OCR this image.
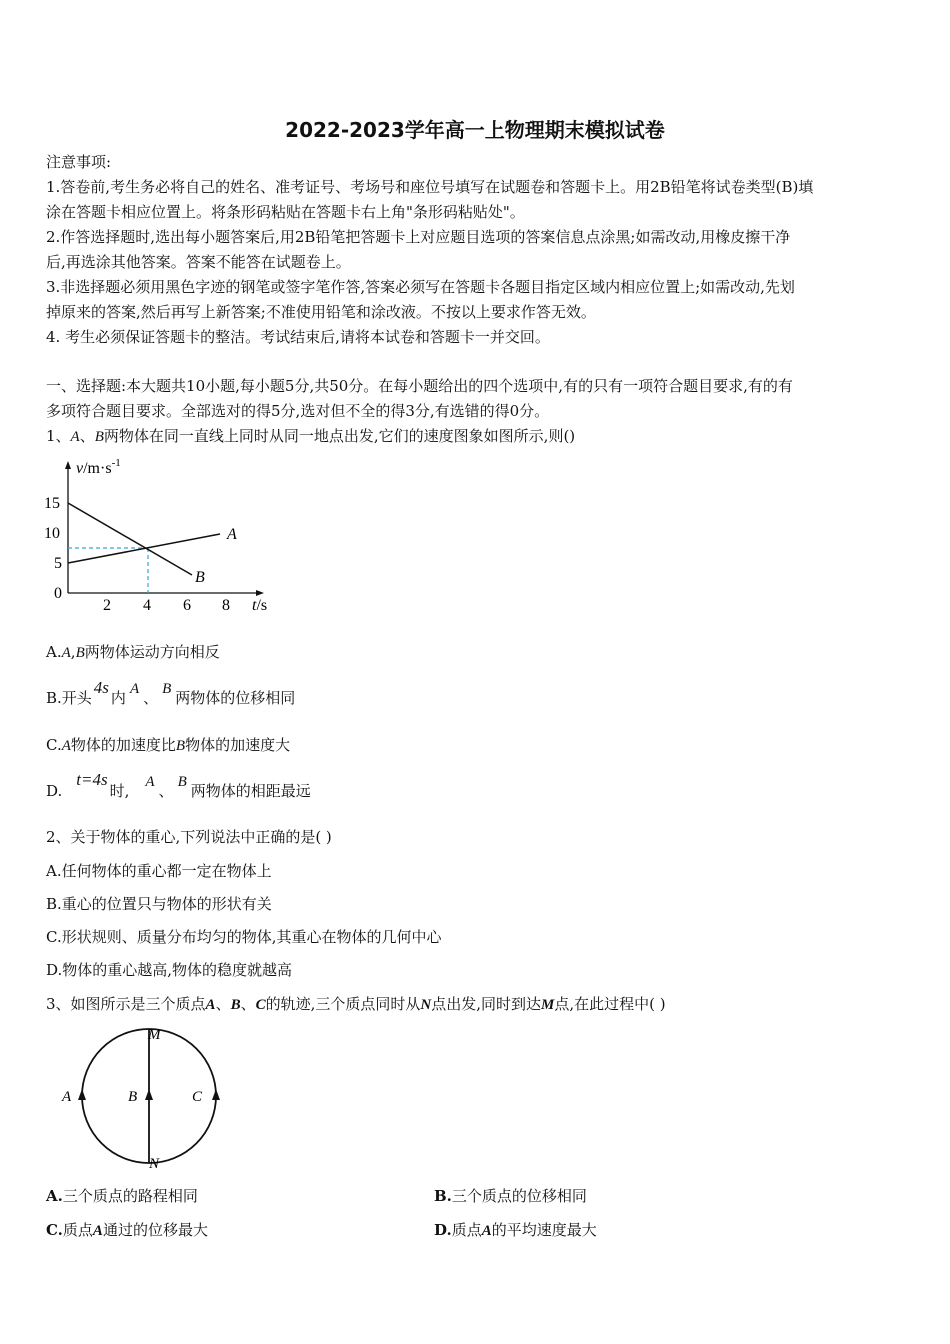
2022-2023学年高一上物理期末模拟试卷
注意事项:
1.答卷前,考生务必将自己的姓名、准考证号、考场号和座位号填写在试题卷和答题卡上。用2B铅笔将试卷类型(B)填
涂在答题卡相应位置上。将条形码粘贴在答题卡右上角"条形码粘贴处"。
2.作答选择题时,选出每小题答案后,用2B铅笔把答题卡上对应题目选项的答案信息点涂黑;如需改动,用橡皮擦干净
后,再选涂其他答案。答案不能答在试题卷上。
3.非选择题必须用黑色字迹的钢笔或签字笔作答,答案必须写在答题卡各题目指定区域内相应位置上;如需改动,先划
掉原来的答案,然后再写上新答案;不准使用铅笔和涂改液。不按以上要求作答无效。
4. 考生必须保证答题卡的整洁。考试结束后,请将本试卷和答题卡一并交回。
一、选择题:本大题共10小题,每小题5分,共50分。在每小题给出的四个选项中,有的只有一项符合题目要求,有的有
多项符合题目要求。全部选对的得5分,选对但不全的得3分,有选错的得0分。
1、A、B两物体在同一直线上同时从同一地点出发,它们的速度图象如图所示,则()
$v/m\cdot s^{-1}$
t/s
15
10
5
0
2 4 6 8
A
B
A.A,B两物体运动方向相反
B.开头4s内 A 、 B 两物体的位移相同
C.A物体的加速度比B物体的加速度大
D.t=4s时, A 、 B 两物体的相距最远
2、关于物体的重心,下列说法中正确的是( )
A.任何物体的重心都一定在物体上
B.重心的位置只与物体的形状有关
C.形状规则、质量分布均匀的物体,其重心在物体的几何中心
D.物体的重心越高,物体的稳度就越高
3、如图所示是三个质点A、B、C的轨迹,三个质点同时从N点出发,同时到达M点,在此过程中( )
M
N
A	B	C
A.三个质点的路程相同	B.三个质点的位移相同
C.质点A通过的位移最大	D.质点A的平均速度最大
